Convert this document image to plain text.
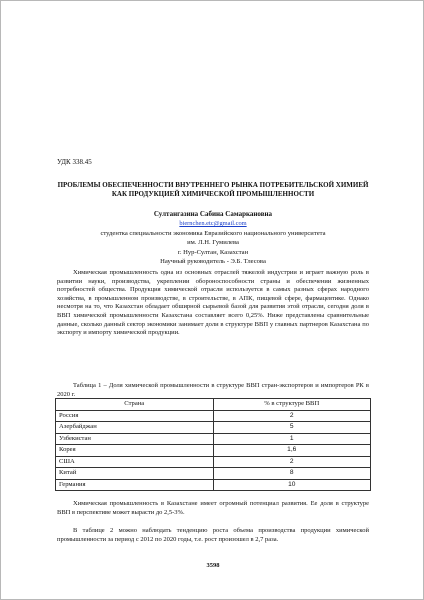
УДК 338.45
ПРОБЛЕМЫ ОБЕСПЕЧЕННОСТИ ВНУТРЕННЕГО РЫНКА ПОТРЕБИТЕЛЬСКОЙ ХИМИЕЙ КАК ПРОДУКЦИЕЙ ХИМИЧЕСКОЙ ПРОМЫШЛЕННОСТИ
Султангазина Сабина Самаркановна
biernchen.etc@gmail.com
студентка специальности экономика Евразийского национального университета
им. Л.Н. Гумилева
г. Нур-Султан, Казахстан
Научный руководитель - Э.Б. Тлесова

Химическая промышленность одна из основных отраслей тяжелой индустрии и играет важную роль в развитии науки, производства, укреплении обороноспособности страны и обеспечении жизненных потребностей общества. Продукция химической отрасли используется в самых разных сферах народного хозяйства, в промышленном производстве, в строительстве, в АПК, пищевой сфере, фармацевтике. Однако несмотря на то, что Казахстан обладает обширной сырьевой базой для развития этой отрасли, сегодня доля в ВВП химической промышленности Казахстана составляет всего 0,25%. Ниже представлены сравнительные данные, сколько данный сектор экономики занимает доли в структуре ВВП у главных партнеров Казахстана по экспорту и импорту химической продукции.

Таблица 1 – Доля химической промышленности в структуре ВВП стран-экспортеров и импортеров РК в 2020 г.

Страна	% в структуре ВВП
Россия	2
Азербайджан	5
Узбекистан	1
Корея	1,6
США	2
Китай	8
Германия	10

Химическая промышленность в Казахстане имеет огромный потенциал развития. Ее доля в структуре ВВП в перспективе может вырасти до 2,5-3%.

В таблице 2 можно наблюдать тенденцию роста объема производства продукции химической промышленности за период с 2012 по 2020 годы, т.е. рост произошел в 2,7 раза.

3598
